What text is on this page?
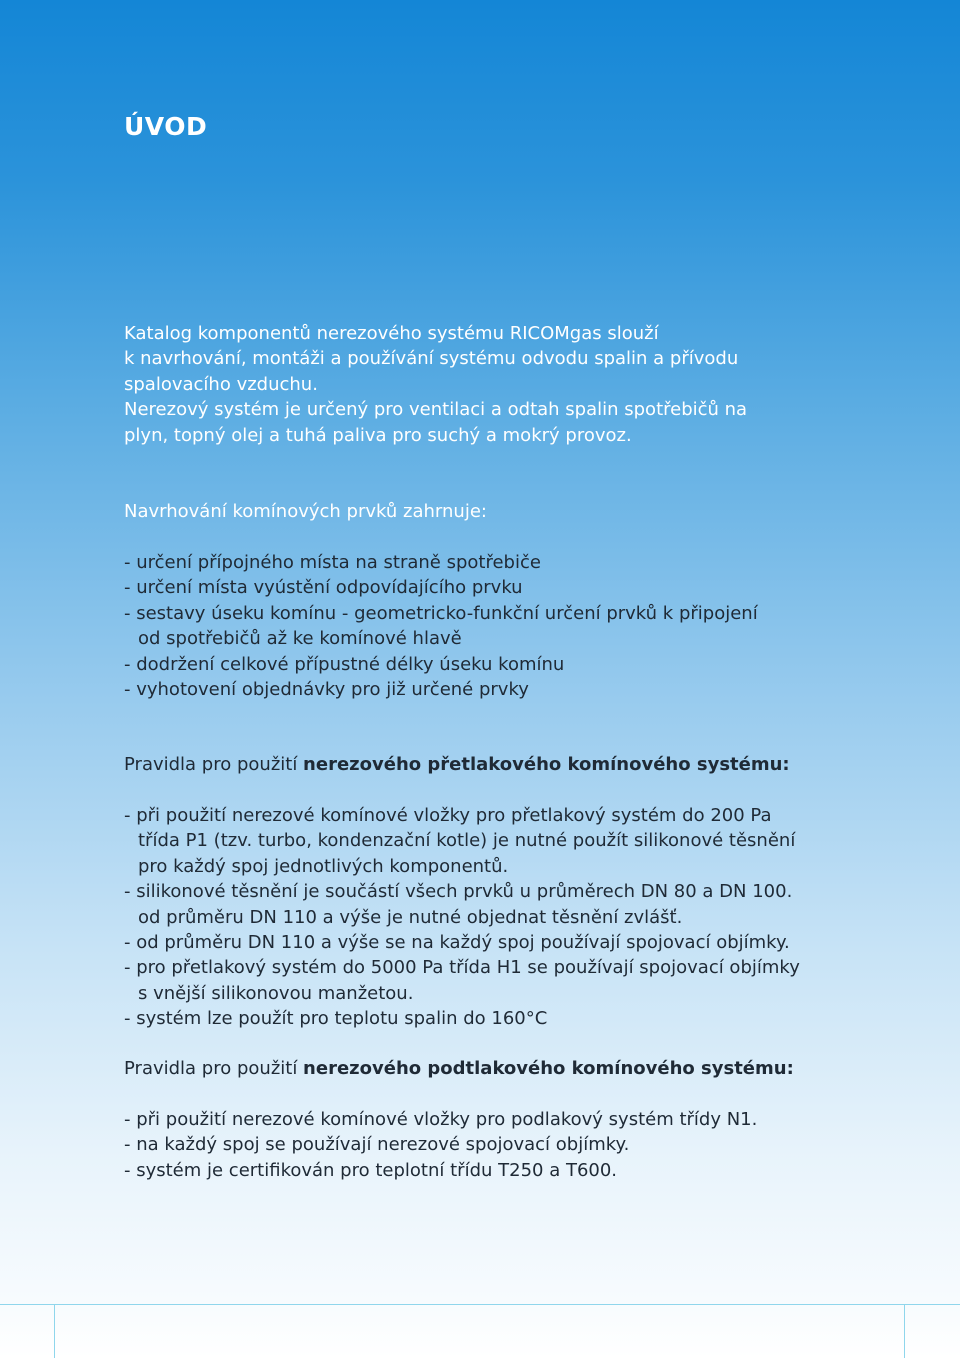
ÚVOD

Katalog komponentů nerezového systému RICOMgas slouží

k navrhování, montáži a používání systému odvodu spalin a přívodu

spalovacího vzduchu.

Nerezový systém je určený pro ventilaci a odtah spalin spotřebičů na

plyn, topný olej a tuhá paliva pro suchý a mokrý provoz.

Navrhování komínových prvků zahrnuje:

- určení přípojného místa na straně spotřebiče

- určení místa vyústění odpovídajícího prvku

- sestavy úseku komínu - geometricko-funkční určení prvků k připojení

od spotřebičů až ke komínové hlavě

- dodržení celkové přípustné délky úseku komínu

- vyhotovení objednávky pro již určené prvky

Pravidla pro použití nerezového přetlakového komínového systému:

- při použití nerezové komínové vložky pro přetlakový systém do 200 Pa

třída P1 (tzv. turbo, kondenzační kotle) je nutné použít silikonové těsnění

pro každý spoj jednotlivých komponentů.

- silikonové těsnění je součástí všech prvků u průměrech DN 80 a DN 100.

od průměru DN 110 a výše je nutné objednat těsnění zvlášť.

- od průměru DN 110 a výše se na každý spoj používají spojovací objímky.

- pro přetlakový systém do 5000 Pa třída H1 se používají spojovací objímky

s vnější silikonovou manžetou.

- systém lze použít pro teplotu spalin do 160°C

Pravidla pro použití nerezového podtlakového komínového systému:

- při použití nerezové komínové vložky pro podlakový systém třídy N1.

- na každý spoj se používají nerezové spojovací objímky.

- systém je certifikován pro teplotní třídu T250 a T600.
